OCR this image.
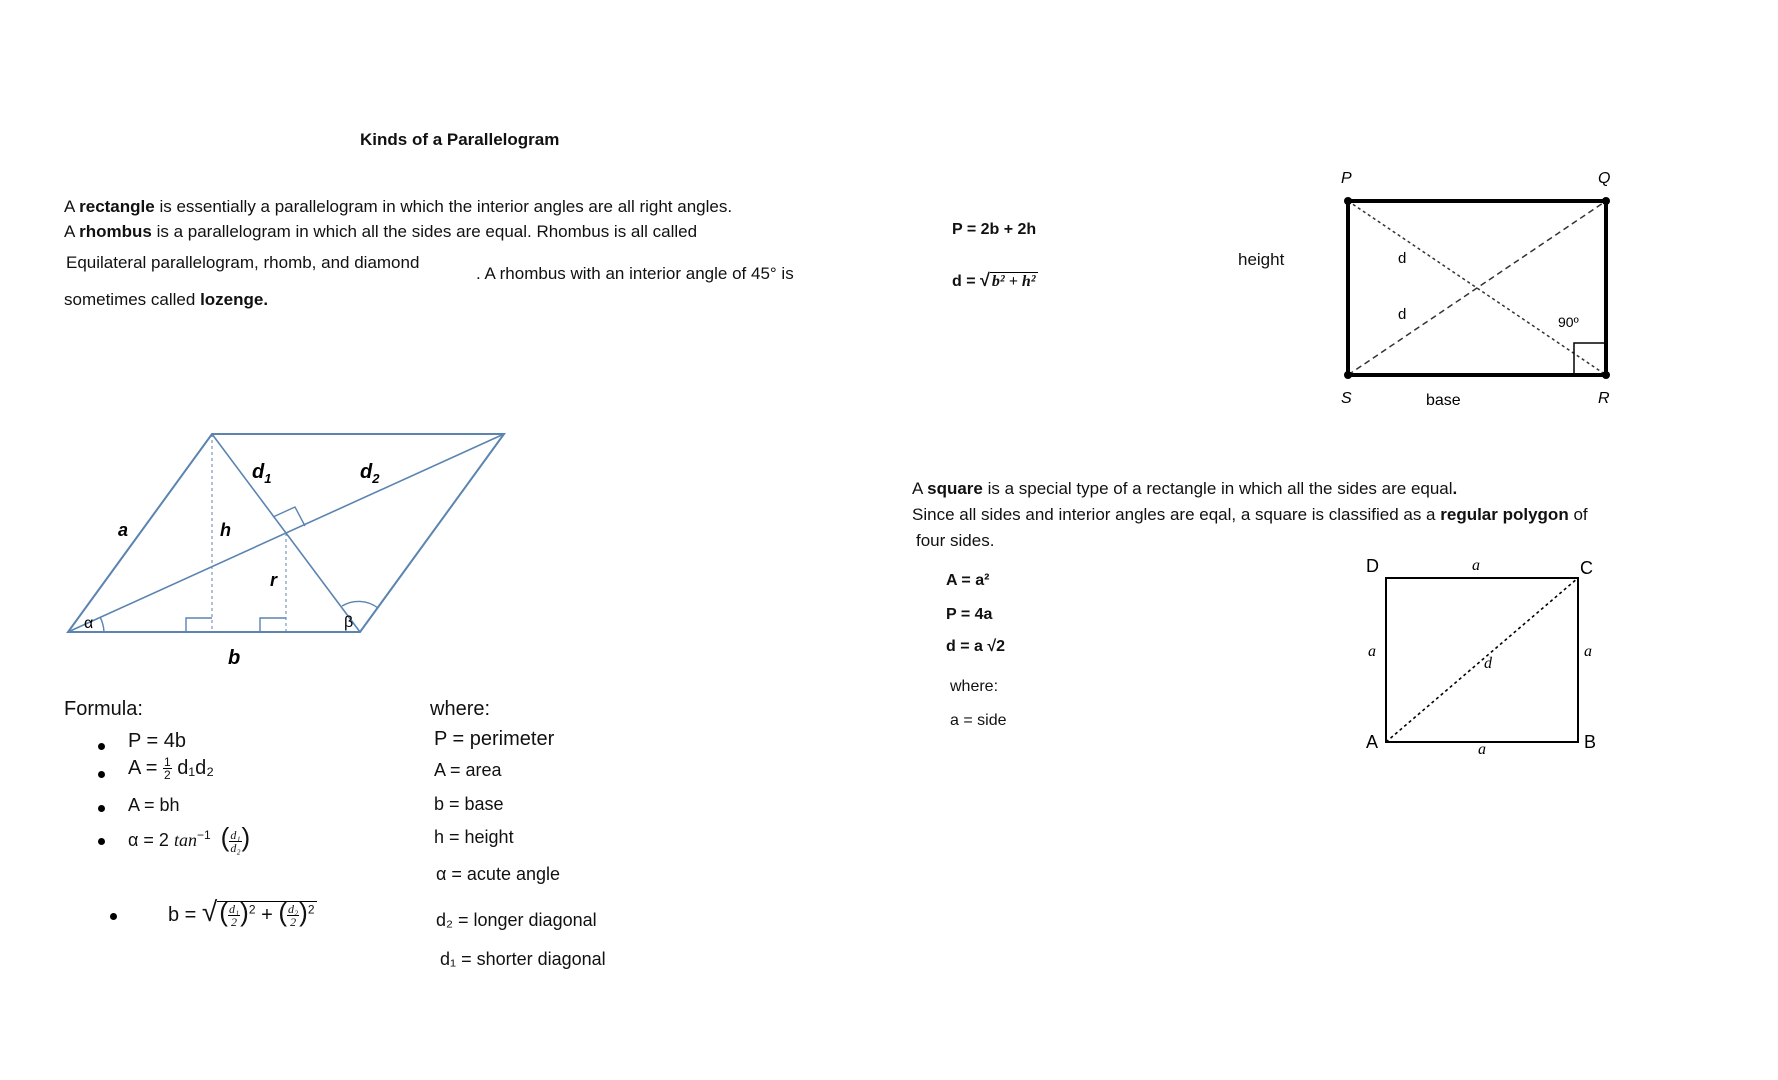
Kinds of a Parallelogram
A rectangle is essentially a parallelogram in which the interior angles are all right angles.
A rhombus is a parallelogram in which all the sides are equal. Rhombus is all called
Equilateral parallelogram, rhomb, and diamond
. A rhombus with an interior angle of 45° is
sometimes called lozenge.
P = 2b + 2h
d = √ b² + h²
height
P	Q
R
S
d
d	90º
base
a	h
r
b
$d_1$	$d_2$
α	β
Formula:
P = 4b
$A = \frac{1}{2} d_1d_2$
A = bh
α = 2 $\tan^{-1}$ ( $\frac{\text{d₁}}{\text{d₂}}$ )
b = √( $\frac{\text{d₁}}{2} )^2$ + ( $\frac{\text{d₂}}{2} )^2$
where:
P = perimeter
A = area
b = base
h = height
α = acute angle
d₂ = longer diagonal
d₁ = shorter diagonal
A square is a special type of a rectangle in which all the sides are equal.
Since all sides and interior angles are eqal, a square is classified as a regular polygon of
four sides.
A = a²
P = 4a
d = a √2
where:
a = side
D	C
A	B
a
a
a	a
d
